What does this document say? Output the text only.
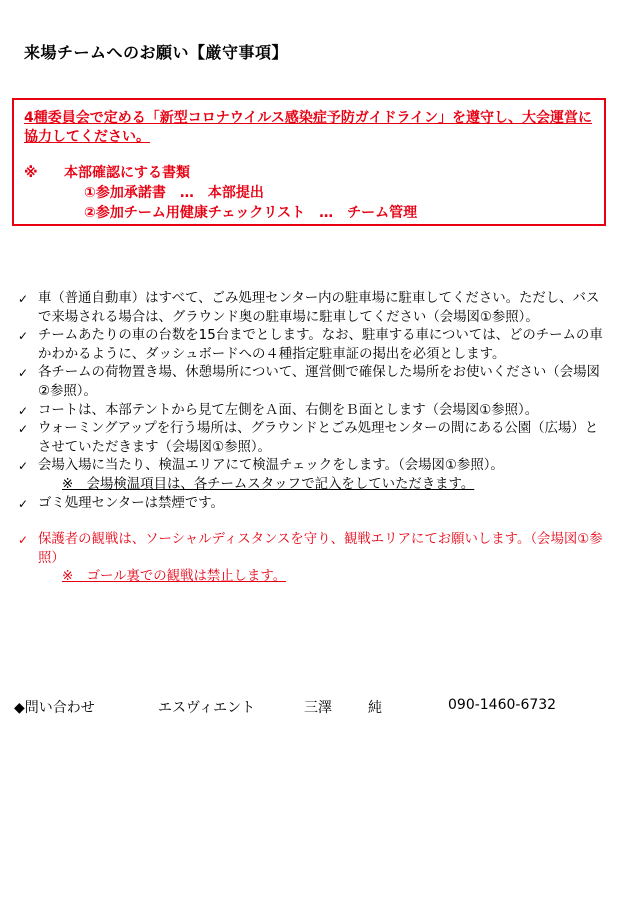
来場チームへのお願い【厳守事項】
4種委員会で定める「新型コロナウイルス感染症予防ガイドライン」を遵守し、大会運営に協力してください。
※ 本部確認にする書類
①参加承諾書　…　本部提出
②参加チーム用健康チェックリスト　…　チーム管理
✓ 車（普通自動車）はすべて、ごみ処理センター内の駐車場に駐車してください。ただし、バスで来場される場合は、グラウンド奥の駐車場に駐車してください（会場図①参照）。
✓ チームあたりの車の台数を15台までとします。なお、駐車する車については、どのチームの車かわかるように、ダッシュボードへの４種指定駐車証の掲出を必須とします。
✓ 各チームの荷物置き場、休憩場所について、運営側で確保した場所をお使いください（会場図②参照）。
✓ コートは、本部テントから見て左側をＡ面、右側をＢ面とします（会場図①参照）。
✓ ウォーミングアップを行う場所は、グラウンドとごみ処理センターの間にある公園（広場）とさせていただきます（会場図①参照）。
✓ 会場入場に当たり、検温エリアにて検温チェックをします。（会場図①参照）。
※　会場検温項目は、各チームスタッフで記入をしていただきます。
✓ ゴミ処理センターは禁煙です。
✓ 保護者の観戦は、ソーシャルディスタンスを守り、観戦エリアにてお願いします。（会場図①参照）
※　ゴール裏での観戦は禁止します。
◆問い合わせ	エスヴィエント	三澤	純	090-1460-6732
